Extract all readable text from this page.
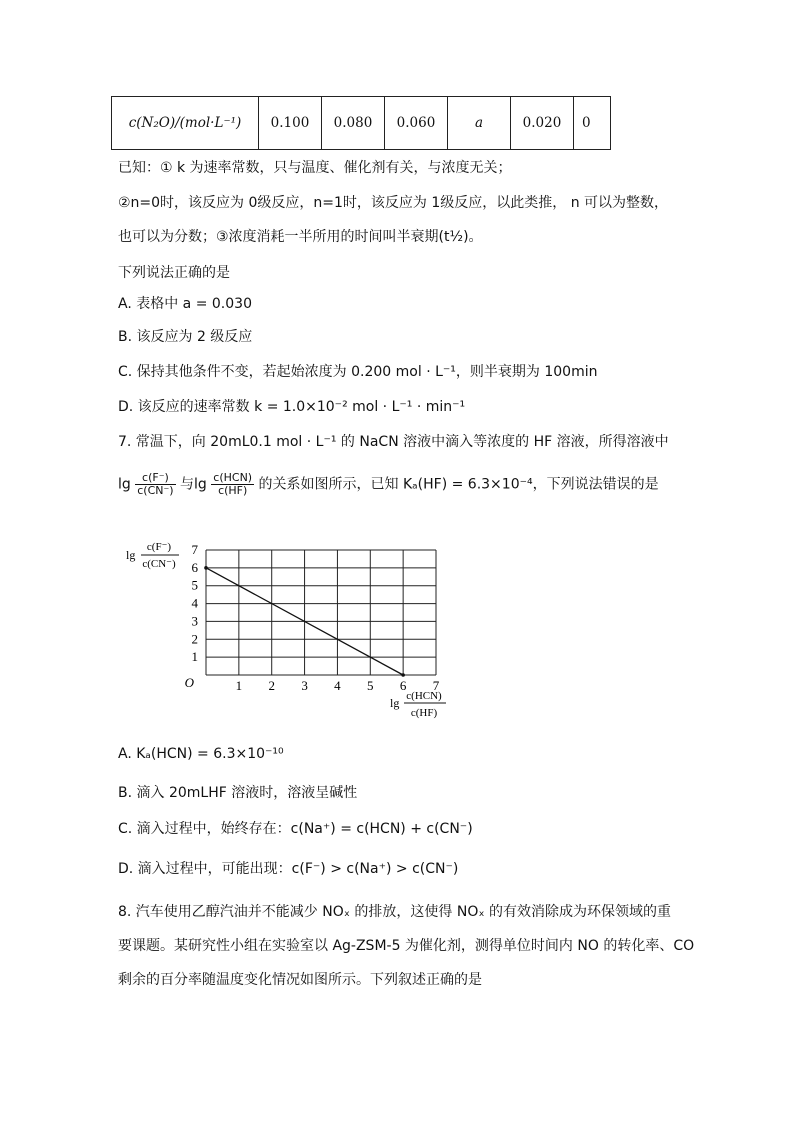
c(N₂O)/(mol·L⁻¹)	0.100	0.080	0.060	a	0.020	0
已知：① k 为速率常数，只与温度、催化剂有关，与浓度无关；
②n=0时，该反应为 0级反应，n=1时，该反应为 1级反应，以此类推， n 可以为整数，
也可以为分数；③浓度消耗一半所用的时间叫半衰期(t½)。
下列说法正确的是
A. 表格中 a = 0.030
B. 该反应为 2 级反应
C. 保持其他条件不变，若起始浓度为 0.200 mol · L⁻¹，则半衰期为 100min
D. 该反应的速率常数 k = 1.0×10⁻² mol · L⁻¹ · min⁻¹
7. 常温下，向 20mL0.1 mol · L⁻¹ 的 NaCN 溶液中滴入等浓度的 HF 溶液，所得溶液中
$\lg \frac{c(F^-)}{c(CN^-)}$ 与$\lg \frac{\text{c(HCN)}}{c(HF)}$ 的关系如图所示，已知 Kₐ(HF) = 6.3×10⁻⁴，下列说法错误的是
1 2 3 4 5 6 7
1
2
3
4
5
6
7
O
lg
c(F⁻)
c(CN⁻)
lg c(HCN)
c(HF)
A. Kₐ(HCN) = 6.3×10⁻¹⁰
B. 滴入 20mLHF 溶液时，溶液呈碱性
C. 滴入过程中，始终存在：c(Na⁺) = c(HCN) + c(CN⁻)
D. 滴入过程中，可能出现：c(F⁻) > c(Na⁺) > c(CN⁻)
8. 汽车使用乙醇汽油并不能减少 NOₓ 的排放，这使得 NOₓ 的有效消除成为环保领域的重
要课题。某研究性小组在实验室以 Ag-ZSM-5 为催化剂，测得单位时间内 NO 的转化率、CO
剩余的百分率随温度变化情况如图所示。下列叙述正确的是
